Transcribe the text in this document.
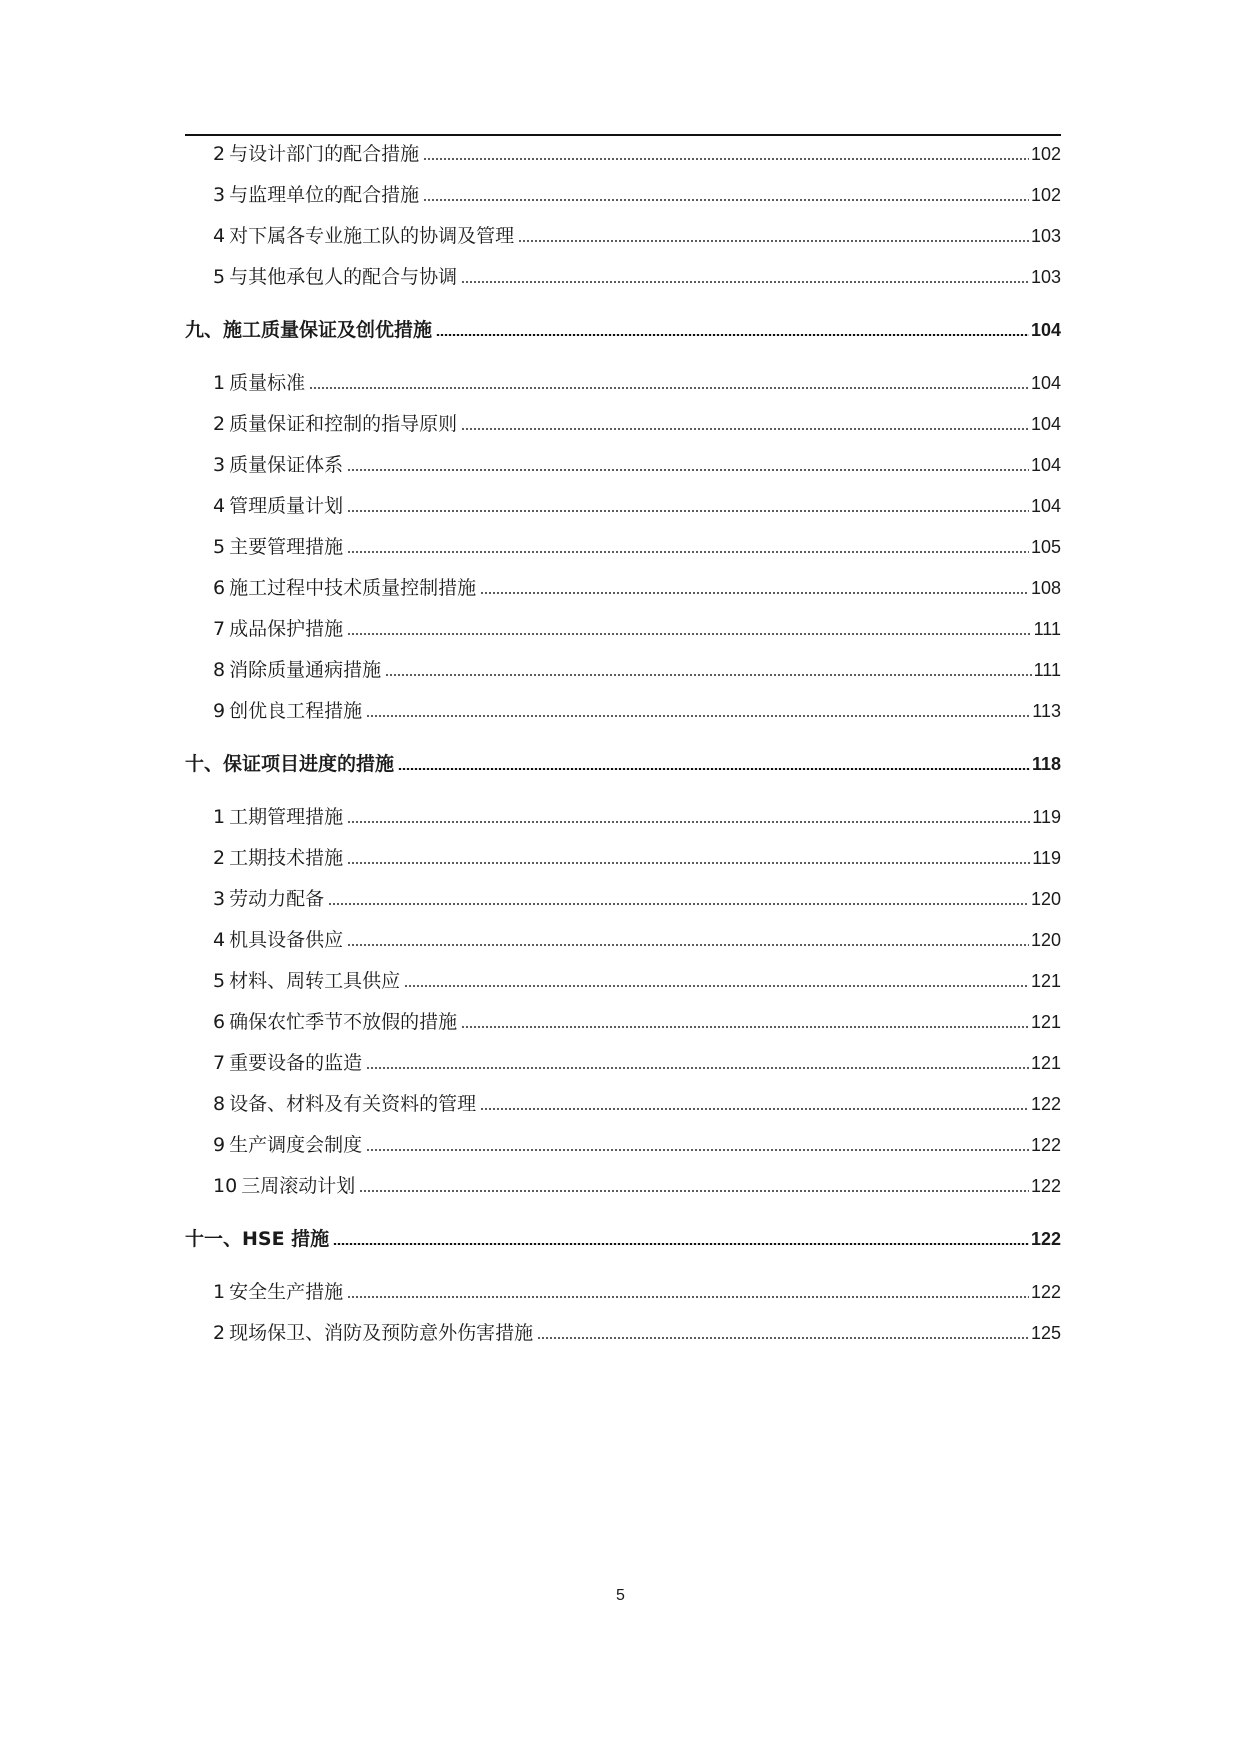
2 与设计部门的配合措施	102
3 与监理单位的配合措施	102
4 对下属各专业施工队的协调及管理	103
5 与其他承包人的配合与协调	103
九、施工质量保证及创优措施	104
1 质量标准	104
2 质量保证和控制的指导原则	104
3 质量保证体系	104
4 管理质量计划	104
5 主要管理措施	105
6 施工过程中技术质量控制措施	108
7 成品保护措施	111
8 消除质量通病措施	111
9 创优良工程措施	113
十、保证项目进度的措施	118
1 工期管理措施	119
2 工期技术措施	119
3 劳动力配备	120
4 机具设备供应	120
5 材料、周转工具供应	121
6 确保农忙季节不放假的措施	121
7 重要设备的监造	121
8 设备、材料及有关资料的管理	122
9 生产调度会制度	122
10 三周滚动计划	122
十一、HSE 措施	122
1 安全生产措施	122
2 现场保卫、消防及预防意外伤害措施	125
5
